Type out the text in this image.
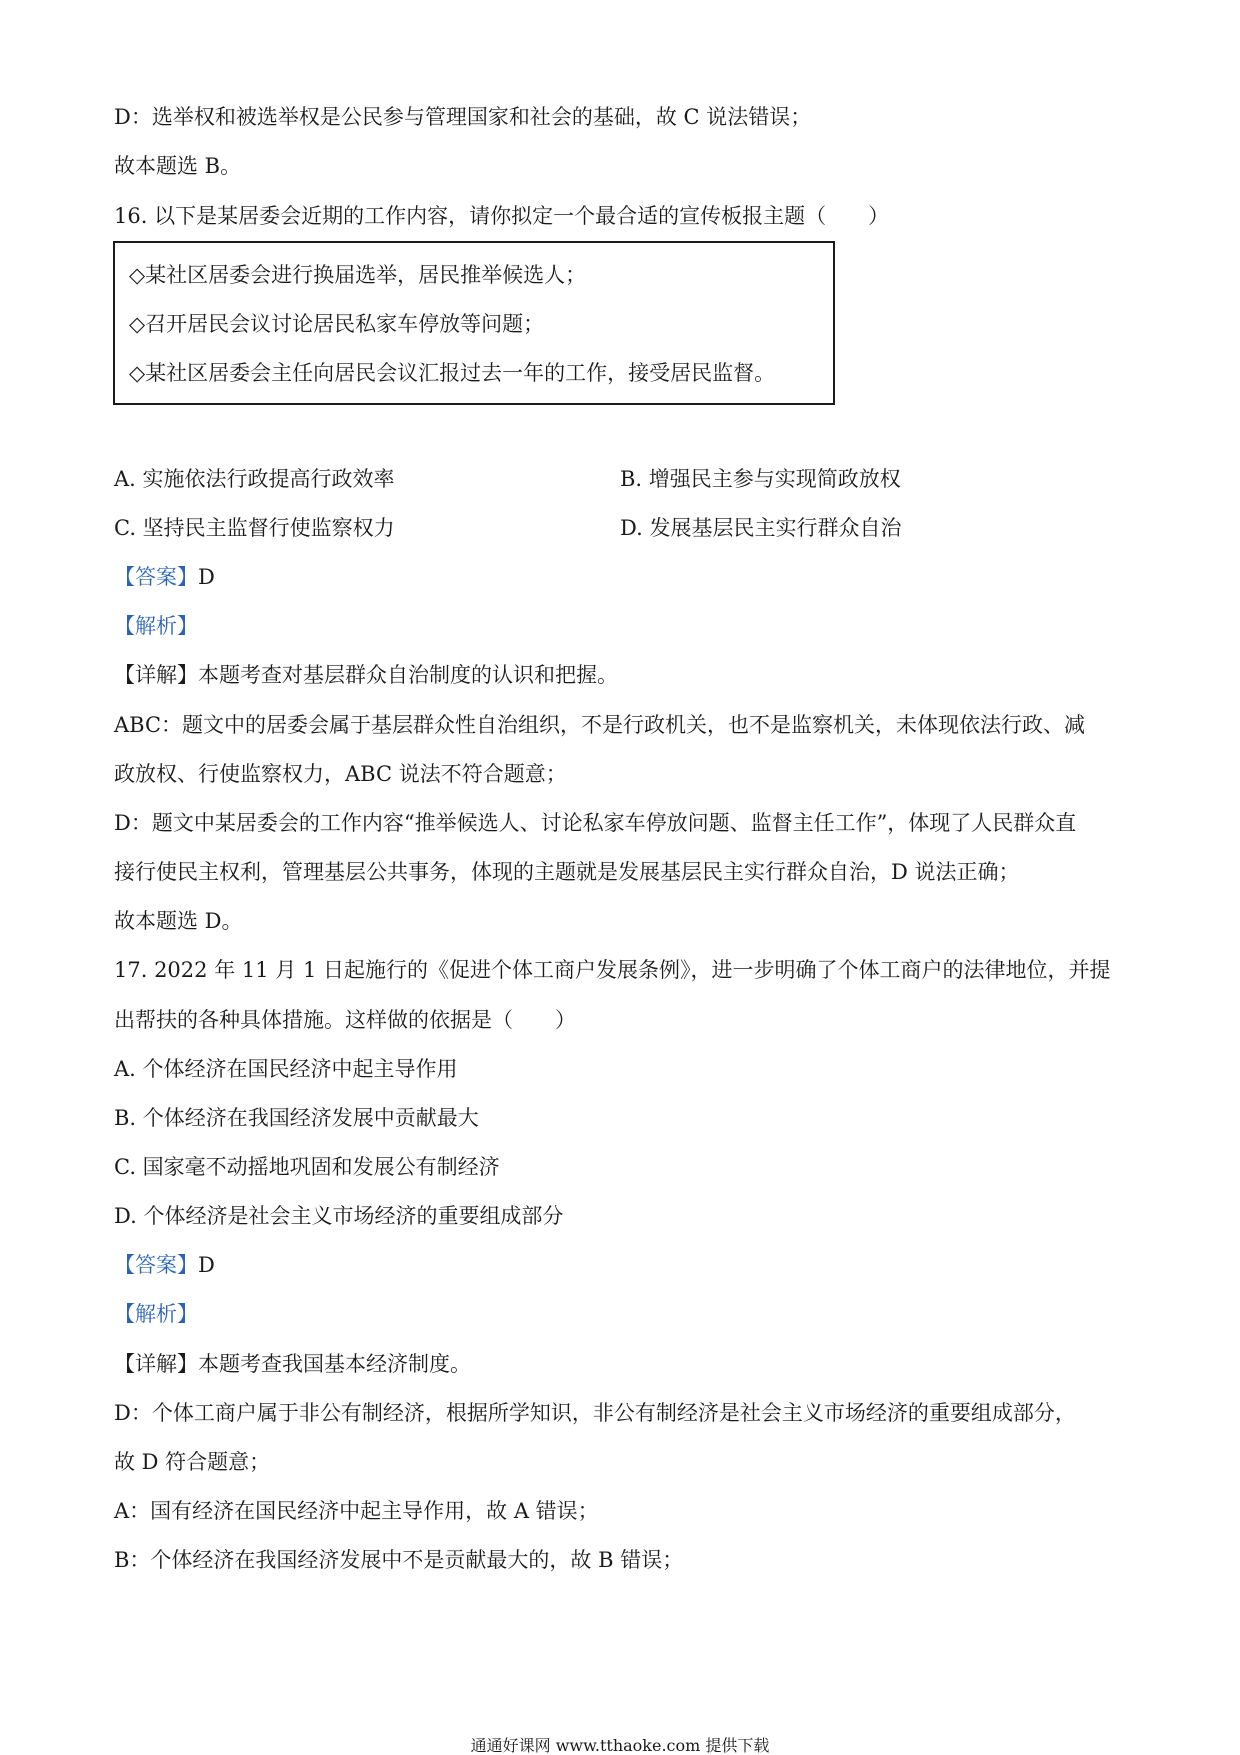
D：选举权和被选举权是公民参与管理国家和社会的基础，故 C 说法错误；
故本题选 B。
16. 以下是某居委会近期的工作内容，请你拟定一个最合适的宣传板报主题（　　）
◇某社区居委会进行换届选举，居民推举候选人；
◇召开居民会议讨论居民私家车停放等问题；
◇某社区居委会主任向居民会议汇报过去一年的工作，接受居民监督。
A. 实施依法行政提高行政效率	B. 增强民主参与实现简政放权
C. 坚持民主监督行使监察权力	D. 发展基层民主实行群众自治
【答案】D
【解析】
【详解】本题考查对基层群众自治制度的认识和把握。
ABC：题文中的居委会属于基层群众性自治组织，不是行政机关，也不是监察机关，未体现依法行政、减
政放权、行使监察权力，ABC 说法不符合题意；
D：题文中某居委会的工作内容“推举候选人、讨论私家车停放问题、监督主任工作”，体现了人民群众直
接行使民主权利，管理基层公共事务，体现的主题就是发展基层民主实行群众自治，D 说法正确；
故本题选 D。
17. 2022 年 11 月 1 日起施行的《促进个体工商户发展条例》，进一步明确了个体工商户的法律地位，并提
出帮扶的各种具体措施。这样做的依据是（　　）
A. 个体经济在国民经济中起主导作用
B. 个体经济在我国经济发展中贡献最大
C. 国家毫不动摇地巩固和发展公有制经济
D. 个体经济是社会主义市场经济的重要组成部分
【答案】D
【解析】
【详解】本题考查我国基本经济制度。
D：个体工商户属于非公有制经济，根据所学知识，非公有制经济是社会主义市场经济的重要组成部分，
故 D 符合题意；
A：国有经济在国民经济中起主导作用，故 A 错误；
B：个体经济在我国经济发展中不是贡献最大的，故 B 错误；
通通好课网 www.tthaoke.com 提供下载
